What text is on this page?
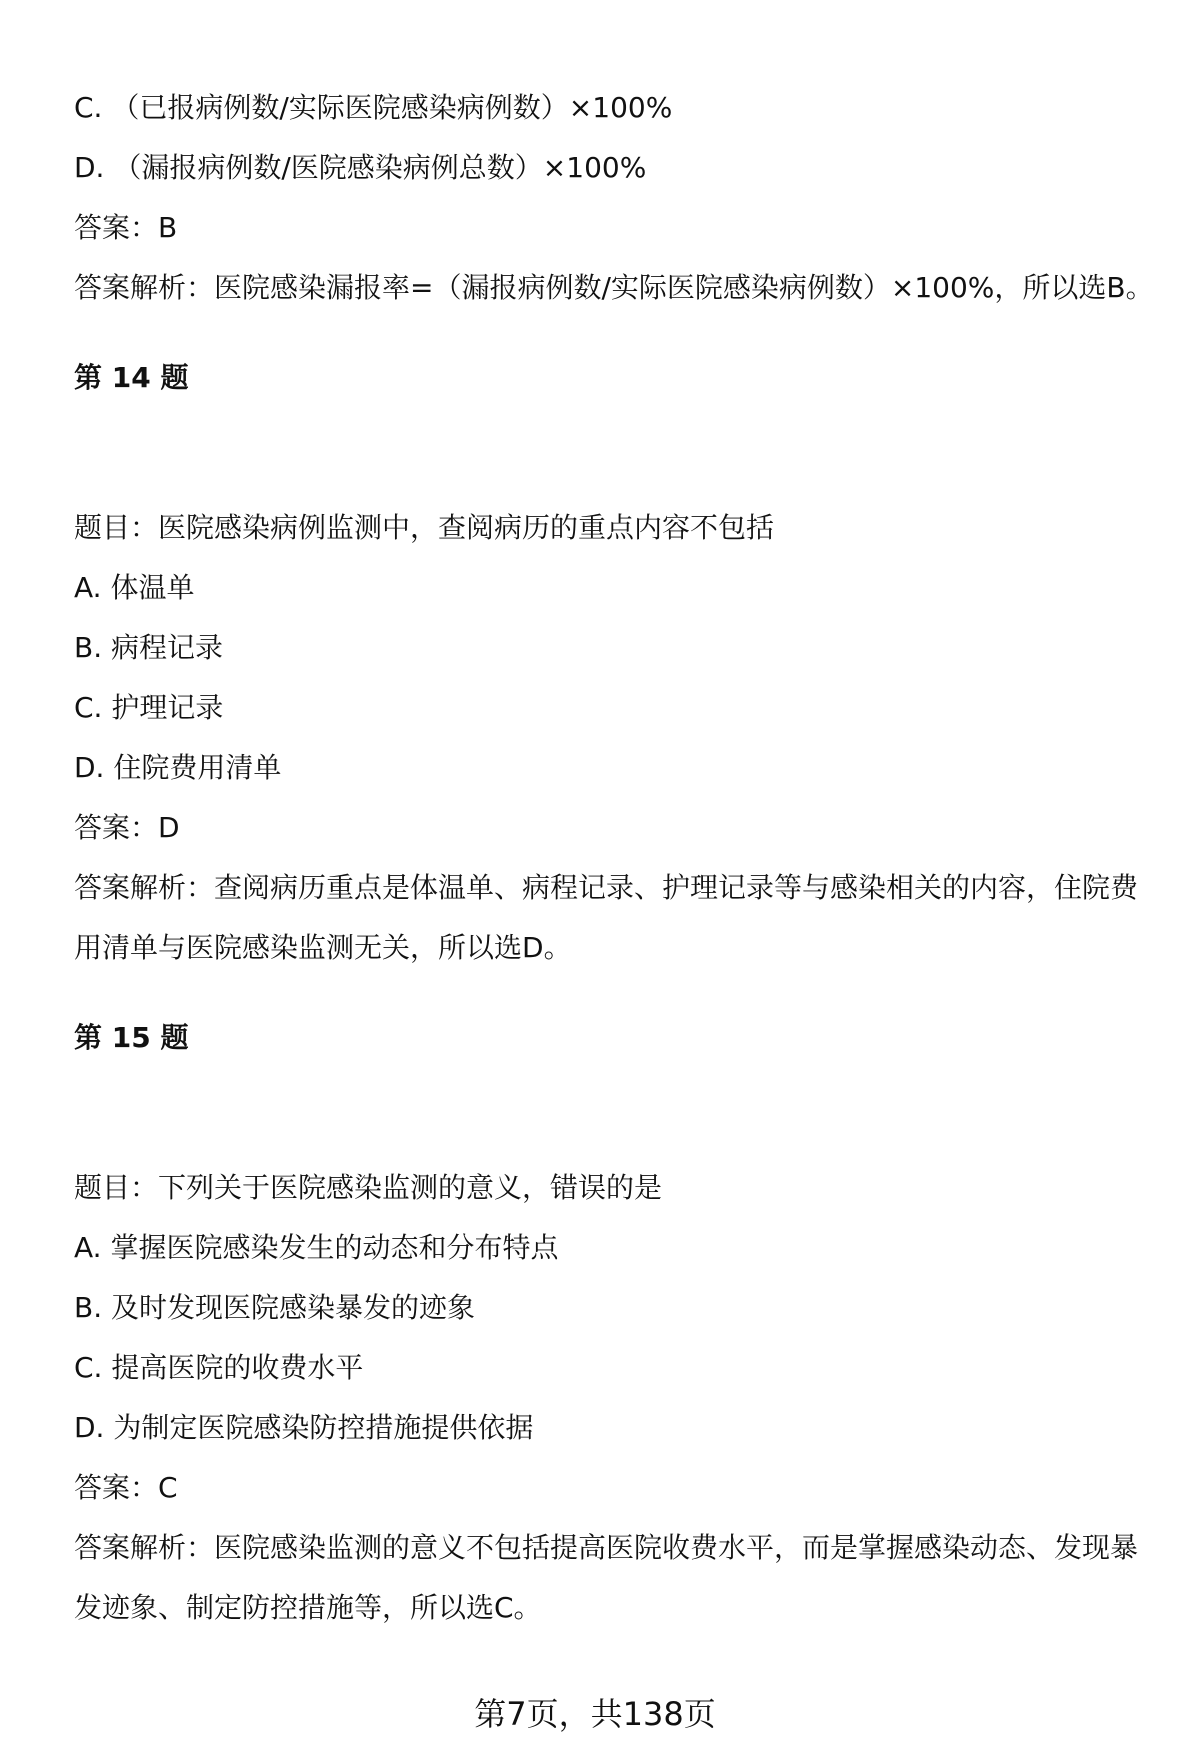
C. （已报病例数/实际医院感染病例数）×100%
D. （漏报病例数/医院感染病例总数）×100%
答案：B
答案解析：医院感染漏报率=（漏报病例数/实际医院感染病例数）×100%，所以选B。
第 14 题
题目：医院感染病例监测中，查阅病历的重点内容不包括
A. 体温单
B. 病程记录
C. 护理记录
D. 住院费用清单
答案：D
答案解析：查阅病历重点是体温单、病程记录、护理记录等与感染相关的内容，住院费用清单与医院感染监测无关，所以选D。
第 15 题
题目：下列关于医院感染监测的意义，错误的是
A. 掌握医院感染发生的动态和分布特点
B. 及时发现医院感染暴发的迹象
C. 提高医院的收费水平
D. 为制定医院感染防控措施提供依据
答案：C
答案解析：医院感染监测的意义不包括提高医院收费水平，而是掌握感染动态、发现暴发迹象、制定防控措施等，所以选C。
第7页，共138页
